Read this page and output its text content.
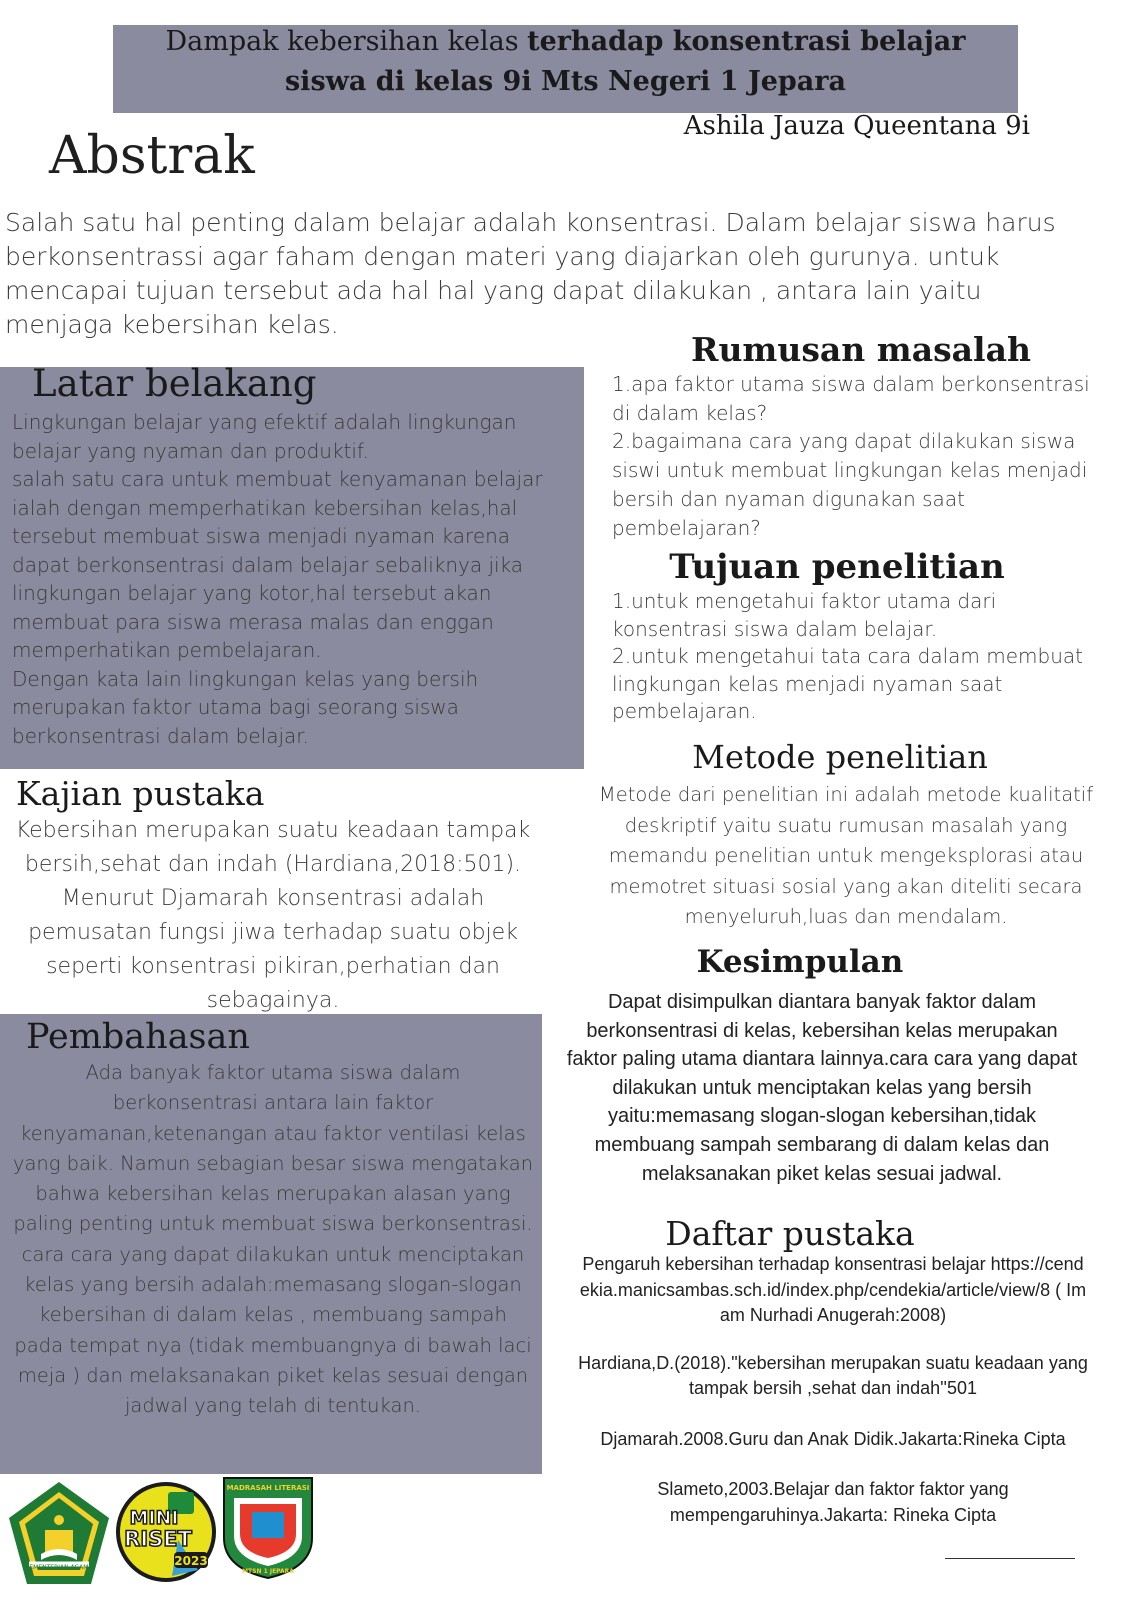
Dampak kebersihan kelas terhadap konsentrasi belajar
siswa di kelas 9i Mts Negeri 1 Jepara
Ashila Jauza Queentana 9i
Abstrak
Salah satu hal penting dalam belajar adalah konsentrasi. Dalam belajar siswa harus berkonsentrassi agar faham dengan materi yang diajarkan oleh gurunya. untuk mencapai tujuan tersebut ada hal hal yang dapat dilakukan , antara lain yaitu menjaga kebersihan kelas.
Latar belakang
Lingkungan belajar yang efektif adalah lingkungan belajar yang nyaman dan produktif.
salah satu cara untuk membuat kenyamanan belajar ialah dengan memperhatikan kebersihan kelas,hal tersebut membuat siswa menjadi nyaman karena dapat berkonsentrasi dalam belajar sebaliknya jika lingkungan belajar yang kotor,hal tersebut akan membuat para siswa merasa malas dan enggan memperhatikan pembelajaran.
Dengan kata lain lingkungan kelas yang bersih merupakan faktor utama bagi seorang siswa berkonsentrasi dalam belajar.
Kajian pustaka
Kebersihan merupakan suatu keadaan tampak bersih,sehat dan indah (Hardiana,2018:501). Menurut Djamarah konsentrasi adalah pemusatan fungsi jiwa terhadap suatu objek seperti konsentrasi pikiran,perhatian dan sebagainya.
Pembahasan
Ada banyak faktor utama siswa dalam berkonsentrasi antara lain faktor kenyamanan,ketenangan atau faktor ventilasi kelas yang baik. Namun sebagian besar siswa mengatakan bahwa kebersihan kelas merupakan alasan yang paling penting untuk membuat siswa berkonsentrasi.
cara cara yang dapat dilakukan untuk menciptakan kelas yang bersih adalah:memasang slogan-slogan kebersihan di dalam kelas , membuang sampah pada tempat nya (tidak membuangnya di bawah laci meja ) dan melaksanakan piket kelas sesuai dengan jadwal yang telah di tentukan.
Rumusan masalah
1.apa faktor utama siswa dalam berkonsentrasi di dalam kelas?
2.bagaimana cara yang dapat dilakukan siswa siswi untuk membuat lingkungan kelas menjadi bersih dan nyaman digunakan saat pembelajaran?
Tujuan penelitian
1.untuk mengetahui faktor utama dari konsentrasi siswa dalam belajar.
2.untuk mengetahui tata cara dalam membuat lingkungan kelas menjadi nyaman saat pembelajaran.
Metode penelitian
Metode dari penelitian ini adalah metode kualitatif deskriptif yaitu suatu rumusan masalah yang memandu penelitian untuk mengeksplorasi atau memotret situasi sosial yang akan diteliti secara menyeluruh,luas dan mendalam.
Kesimpulan
Dapat disimpulkan diantara banyak faktor dalam berkonsentrasi di kelas, kebersihan kelas merupakan faktor paling utama diantara lainnya.cara cara yang dapat dilakukan untuk menciptakan kelas yang bersih yaitu:memasang slogan-slogan kebersihan,tidak membuang sampah sembarang di dalam kelas dan melaksanakan piket kelas sesuai jadwal.
Daftar pustaka

Pengaruh kebersihan terhadap konsentrasi belajar https://cendekia.manicsambas.sch.id/index.php/cendekia/article/view/8 ( Imam Nurhadi Anugerah:2008)

Hardiana,D.(2018)."kebersihan merupakan suatu keadaan yang tampak bersih ,sehat dan indah''501

Djamarah.2008.Guru dan Anak Didik.Jakarta:Rineka Cipta

Slameto,2003.Belajar dan faktor faktor yang mempengaruhinya.Jakarta: Rineka Cipta

KEMENTERIAN AGAMA
MINI
RISET
2023
MADRASAH LITERASI
MTSN 1 JEPARA
